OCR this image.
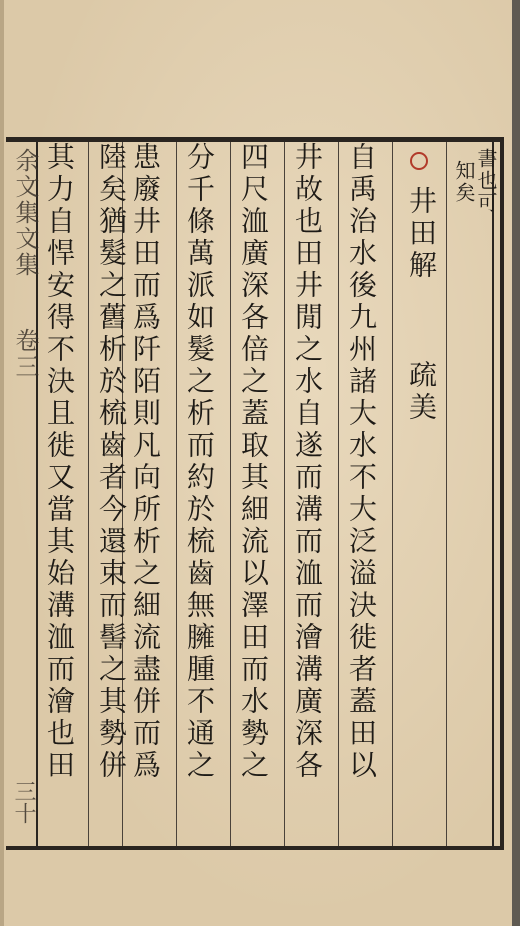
余文集文集 卷三
三十
書也可
知矣
井田解
疏美
自禹治水後九州諸大水不大泛溢決徙者蓋田以
井故也田井閒之水自遂而溝而洫而澮溝廣深各
四尺洫廣深各倍之蓋取其細流以澤田而水勢之
分千條萬派如髮之析而約於梳齒無臃腫不通之
患廢井田而爲阡陌則凡向所析之細流盡併而爲
陸矣猶髮之舊析於梳齒者今還束而髻之其勢併
其力自悍安得不決且徙又當其始溝洫而澮也田
